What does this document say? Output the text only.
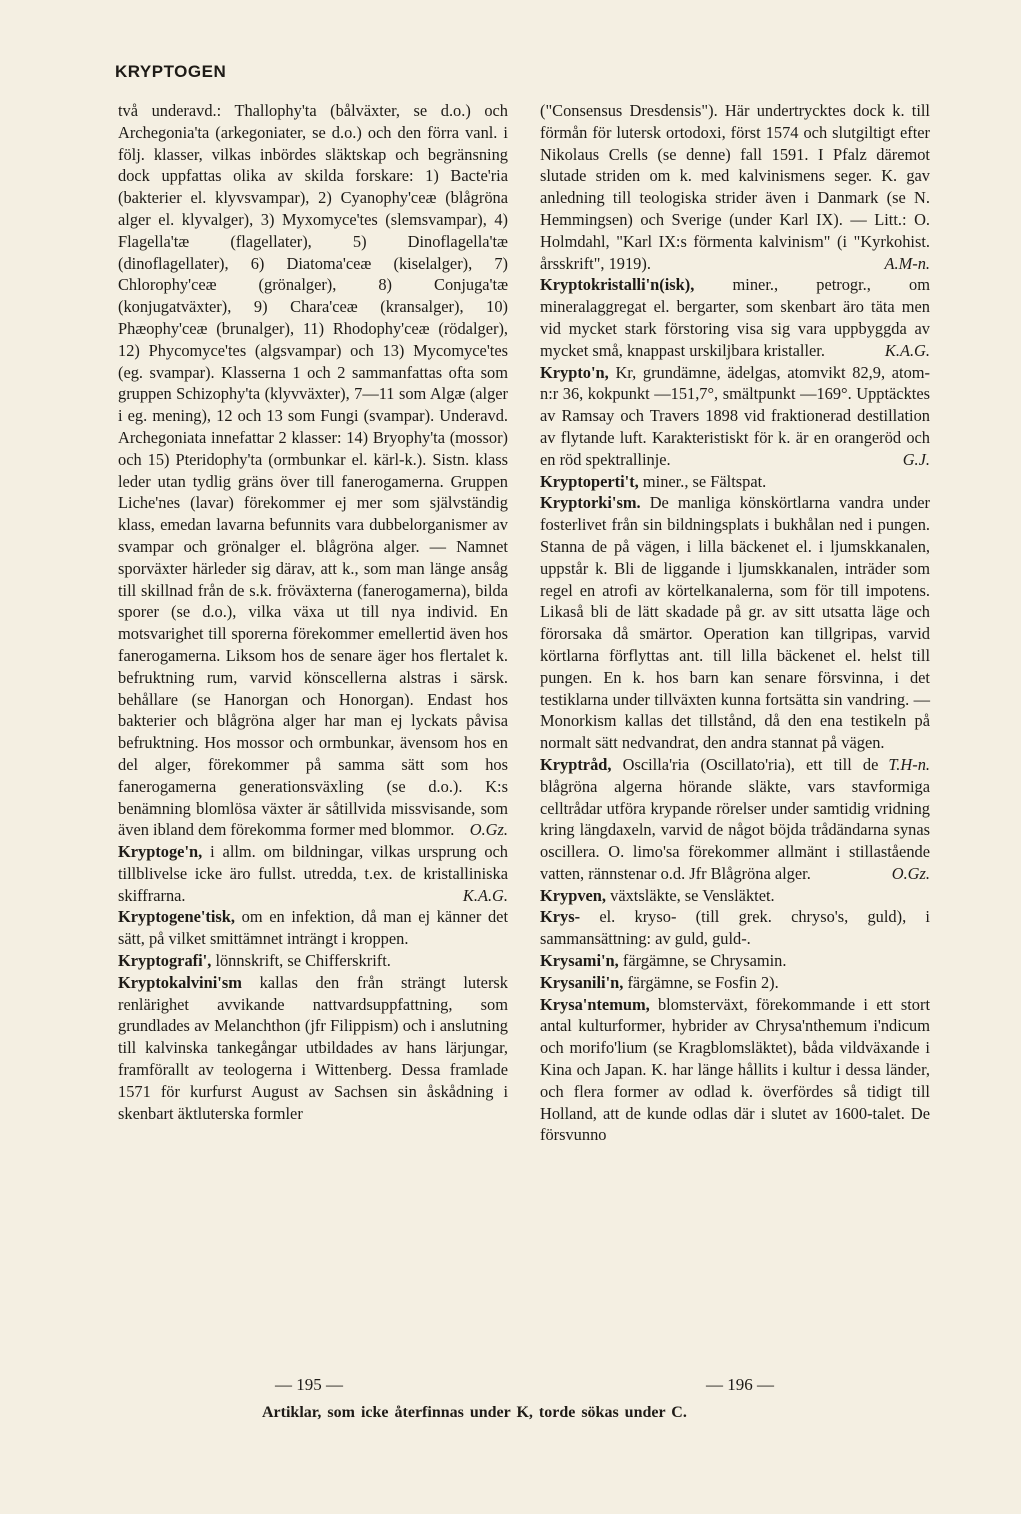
KRYPTOGEN

två underavd.: Thallophy'ta (bålväxter, se d.o.) och Archegonia'ta (arkegoniater, se d.o.) och den förra vanl. i följ. klasser, vilkas inbördes släktskap och begränsning dock uppfattas olika av skilda forskare: 1) Bacte'ria (bakterier el. klyvsvampar), 2) Cyanophy'ceæ (blågröna alger el. klyvalger), 3) Myxomyce'tes (slemsvampar), 4) Flagella'tæ (flagellater), 5) Dinoflagella'tæ (dinoflagellater), 6) Diatoma'ceæ (kiselalger), 7) Chlorophy'ceæ (grönalger), 8) Conjuga'tæ (konjugatväxter), 9) Chara'ceæ (kransalger), 10) Phæophy'ceæ (brunalger), 11) Rhodophy'ceæ (rödalger), 12) Phycomyce'tes (algsvampar) och 13) Mycomyce'tes (eg. svampar). Klasserna 1 och 2 sammanfattas ofta som gruppen Schizophy'ta (klyvväxter), 7—11 som Algæ (alger i eg. mening), 12 och 13 som Fungi (svampar). Underavd. Archegoniata innefattar 2 klasser: 14) Bryophy'ta (mossor) och 15) Pteridophy'ta (ormbunkar el. kärl-k.). Sistn. klass leder utan tydlig gräns över till fanerogamerna. Gruppen Liche'nes (lavar) förekommer ej mer som självständig klass, emedan lavarna befunnits vara dubbelorganismer av svampar och grönalger el. blågröna alger. — Namnet sporväxter härleder sig därav, att k., som man länge ansåg till skillnad från de s.k. fröväxterna (fanerogamerna), bilda sporer (se d.o.), vilka växa ut till nya individ. En motsvarighet till sporerna förekommer emellertid även hos fanerogamerna. Liksom hos de senare äger hos flertalet k. befruktning rum, varvid könscellerna alstras i särsk. behållare (se Hanorgan och Honorgan). Endast hos bakterier och blågröna alger har man ej lyckats påvisa befruktning. Hos mossor och ormbunkar, ävensom hos en del alger, förekommer på samma sätt som hos fanerogamerna generationsväxling (se d.o.). K:s benämning blomlösa växter är såtillvida missvisande, som även ibland dem förekomma former med blommor. O.Gz.

Kryptoge'n, i allm. om bildningar, vilkas ursprung och tillblivelse icke äro fullst. utredda, t.ex. de kristalliniska skiffrarna.	K.A.G.

Kryptogene'tisk, om en infektion, då man ej känner det sätt, på vilket smittämnet inträngt i kroppen.

Kryptografi', lönnskrift, se Chifferskrift.

Kryptokalvini'sm kallas den från strängt lutersk renlärighet avvikande nattvardsuppfattning, som grundlades av Melanchthon (jfr Filippism) och i anslutning till kalvinska tankegångar utbildades av hans lärjungar, framförallt av teologerna i Wittenberg. Dessa framlade 1571 för kurfurst August av Sachsen sin åskådning i skenbart äktluterska formler

("Consensus Dresdensis"). Här undertrycktes dock k. till förmån för lutersk ortodoxi, först 1574 och slutgiltigt efter Nikolaus Crells (se denne) fall 1591. I Pfalz däremot slutade striden om k. med kalvinismens seger. K. gav anledning till teologiska strider även i Danmark (se N. Hemmingsen) och Sverige (under Karl IX). — Litt.: O. Holmdahl, "Karl IX:s förmenta kalvinism" (i "Kyrkohist. årsskrift", 1919).	A.M-n.

Kryptokristalli'n(isk), miner., petrogr., om mineralaggregat el. bergarter, som skenbart äro täta men vid mycket stark förstoring visa sig vara uppbyggda av mycket små, knappast urskiljbara kristaller.	K.A.G.

Krypto'n, Kr, grundämne, ädelgas, atomvikt 82,9, atom-n:r 36, kokpunkt —151,7°, smältpunkt —169°. Upptäcktes av Ramsay och Travers 1898 vid fraktionerad destillation av flytande luft. Karakteristiskt för k. är en orangeröd och en röd spektrallinje.	G.J.

Kryptoperti't, miner., se Fältspat.

Kryptorki'sm. De manliga könskörtlarna vandra under fosterlivet från sin bildningsplats i bukhålan ned i pungen. Stanna de på vägen, i lilla bäckenet el. i ljumskkanalen, uppstår k. Bli de liggande i ljumskkanalen, inträder som regel en atrofi av körtelkanalerna, som för till impotens. Likaså bli de lätt skadade på gr. av sitt utsatta läge och förorsaka då smärtor. Operation kan tillgripas, varvid körtlarna förflyttas ant. till lilla bäckenet el. helst till pungen. En k. hos barn kan senare försvinna, i det testiklarna under tillväxten kunna fortsätta sin vandring. — Monorkism kallas det tillstånd, då den ena testikeln på normalt sätt nedvandrat, den andra stannat på vägen.
T.H-n.

Kryptråd, Oscilla'ria (Oscillato'ria), ett till de blågröna algerna hörande släkte, vars stavformiga celltrådar utföra krypande rörelser under samtidig vridning kring längdaxeln, varvid de något böjda trådändarna synas oscillera. O. limo'sa förekommer allmänt i stillastående vatten, rännstenar o.d. Jfr Blågröna alger.	O.Gz.

Krypven, växtsläkte, se Vensläktet.

Krys- el. kryso- (till grek. chryso's, guld), i sammansättning: av guld, guld-.

Krysami'n, färgämne, se Chrysamin.

Krysanili'n, färgämne, se Fosfin 2).

Krysa'ntemum, blomsterväxt, förekommande i ett stort antal kulturformer, hybrider av Chrysa'nthemum i'ndicum och morifo'lium (se Kragblomsläktet), båda vildväxande i Kina och Japan. K. har länge hållits i kultur i dessa länder, och flera former av odlad k. överfördes så tidigt till Holland, att de kunde odlas där i slutet av 1600-talet. De försvunno

— 195 —	— 196 —
Artiklar, som icke återfinnas under K, torde sökas under C.
